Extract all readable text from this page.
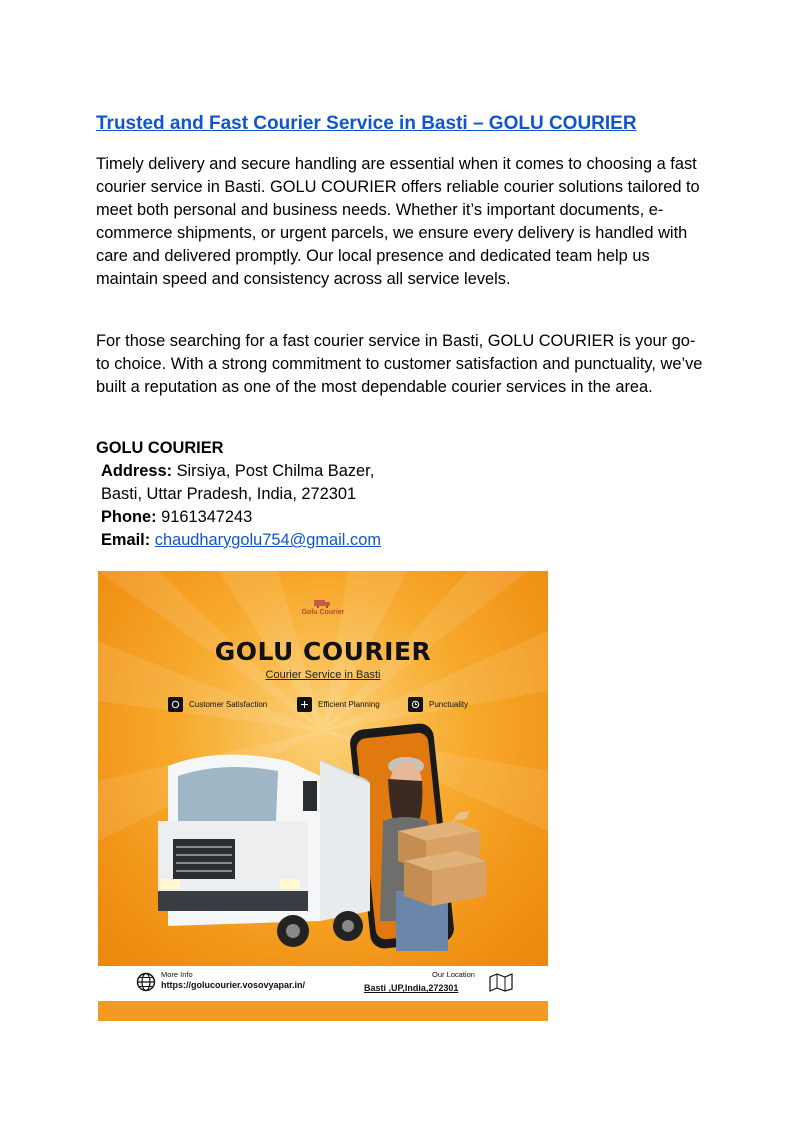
Trusted and Fast Courier Service in Basti – GOLU COURIER

Timely delivery and secure handling are essential when it comes to choosing a fast courier service in Basti. GOLU COURIER offers reliable courier solutions tailored to meet both personal and business needs. Whether it’s important documents, e-commerce shipments, or urgent parcels, we ensure every delivery is handled with care and delivered promptly. Our local presence and dedicated team help us maintain speed and consistency across all service levels.

For those searching for a fast courier service in Basti, GOLU COURIER is your go-to choice. With a strong commitment to customer satisfaction and punctuality, we’ve built a reputation as one of the most dependable courier services in the area.

GOLU COURIER
Address: Sirsiya, Post Chilma Bazer,
Basti, Uttar Pradesh, India, 272301
Phone: 9161347243
Email: chaudharygolu754@gmail.com
Golu Courier
GOLU COURIER
Courier Service in Basti
Customer Satisfaction	Efficient Planning	Punctuality
More Info
https://golucourier.vosovyapar.in/
Our Location
Basti ,UP,India,272301
